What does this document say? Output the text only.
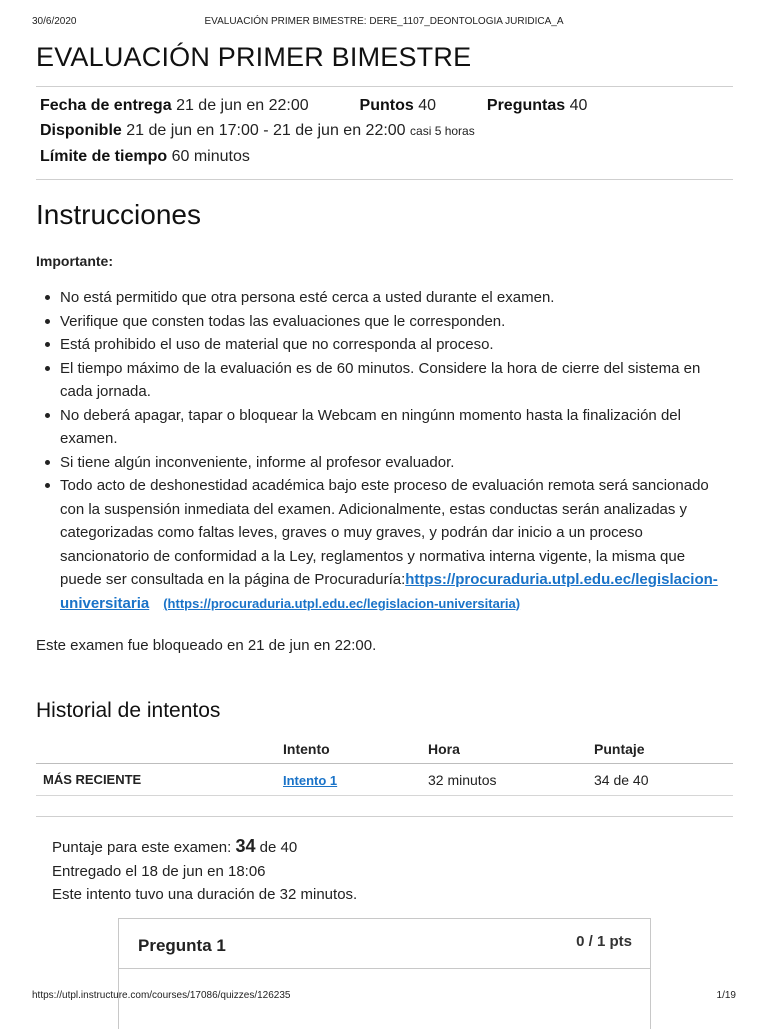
30/6/2020	EVALUACIÓN PRIMER BIMESTRE: DERE_1107_DEONTOLOGIA JURIDICA_A
EVALUACIÓN PRIMER BIMESTRE
Fecha de entrega 21 de jun en 22:00	Puntos 40	Preguntas 40
Disponible 21 de jun en 17:00 - 21 de jun en 22:00 casi 5 horas
Límite de tiempo 60 minutos
Instrucciones
Importante:
No está permitido que otra persona esté cerca a usted durante el examen.
Verifique que consten todas las evaluaciones que le corresponden.
Está prohibido el uso de material que no corresponda al proceso.
El tiempo máximo de la evaluación es de 60 minutos. Considere la hora de cierre del sistema en cada jornada.
No deberá apagar, tapar o bloquear la Webcam en ningúnn momento hasta la finalización del examen.
Si tiene algún inconveniente, informe al profesor evaluador.
Todo acto de deshonestidad académica bajo este proceso de evaluación remota será sancionado con la suspensión inmediata del examen. Adicionalmente, estas conductas serán analizadas y categorizadas como faltas leves, graves o muy graves, y podrán dar inicio a un proceso sancionatorio de conformidad a la Ley, reglamentos y normativa interna vigente, la misma que puede ser consultada en la página de Procuraduría:https://procuraduria.utpl.edu.ec/legislacion-universitaria (https://procuraduria.utpl.edu.ec/legislacion-universitaria)
Este examen fue bloqueado en 21 de jun en 22:00.
Historial de intentos
	Intento	Hora	Puntaje
MÁS RECIENTE	Intento 1	32 minutos	34 de 40
Puntaje para este examen: 34 de 40
Entregado el 18 de jun en 18:06
Este intento tuvo una duración de 32 minutos.
Pregunta 1	0 / 1 pts
https://utpl.instructure.com/courses/17086/quizzes/126235	1/19
